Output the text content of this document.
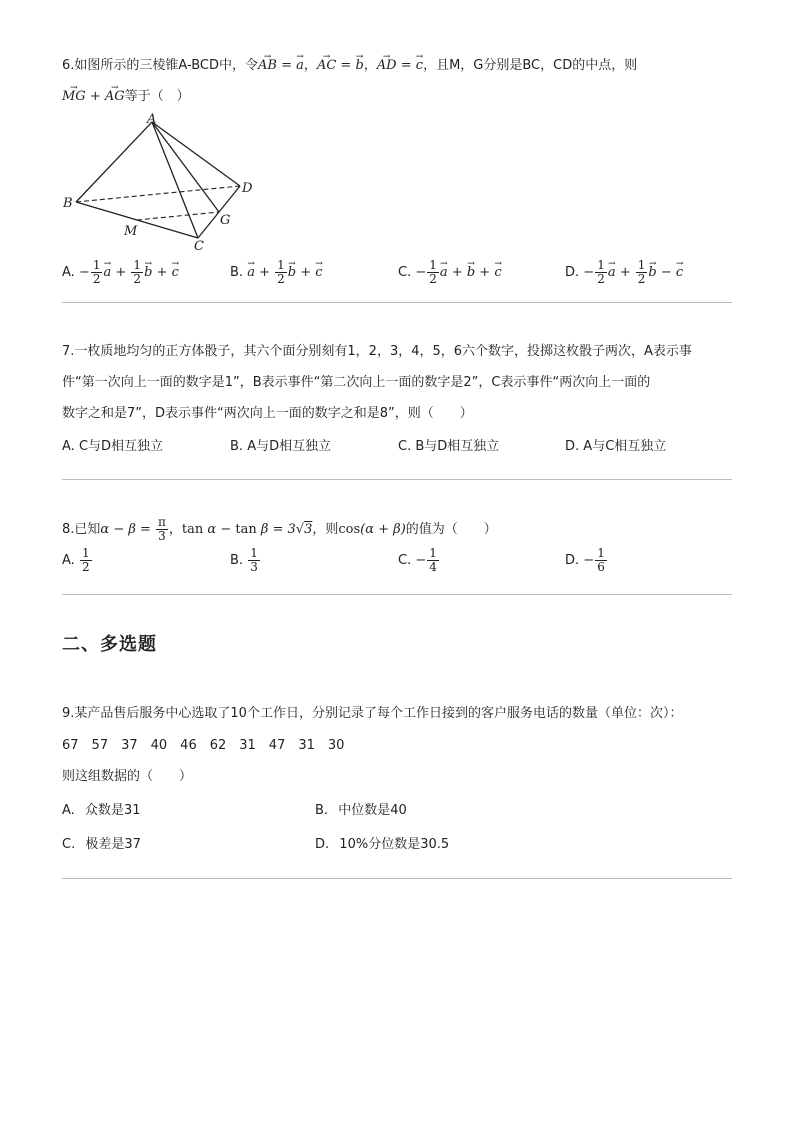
6.如图所示的三棱锥A-BCD中，令→ AB = → a，→ AC = → b，→ AD = → c，且M，G分别是BC，CD的中点，则
→ MG + → AG等于（　）
A
B
C
D
G
M
A. − $\frac{1}{2} \to a + \frac{1}{2} \to b$ + → c	B. → $a + \frac{1}{2} \to b$ + → c	C. − $\frac{1}{2} \to a$ + → b + → c	D. − $\frac{1}{2} \to a + \frac{1}{2} \to b$ − → c
7.一枚质地均匀的正方体骰子，其六个面分别刻有1，2，3，4，5，6六个数字，投掷这枚骰子两次，A表示事
件“第一次向上一面的数字是1”，B表示事件“第二次向上一面的数字是2”，C表示事件“两次向上一面的
数字之和是7”，D表示事件“两次向上一面的数字之和是8”，则（　　）
A. C与D相互独立	B. A与D相互独立	C. B与D相互独立	D. A与C相互独立
8.已知$\alpha - \beta = \frac{\pi}{3}$ ，tan α − tan β = 3√3，则cos(α + β)的值为（　　）
A. $\frac{1}{2}$	B. $\frac{1}{3}$	C. − $\frac{1}{4}$	D. − $\frac{1}{6}$
二、多选题
9.某产品售后服务中心选取了10个工作日，分别记录了每个工作日接到的客户服务电话的数量（单位：次）：
67　57　37　40　46　62　31　47　31　30
则这组数据的（　　）
A. 众数是31	B. 中位数是40
C. 极差是37	D. 10%分位数是30.5
